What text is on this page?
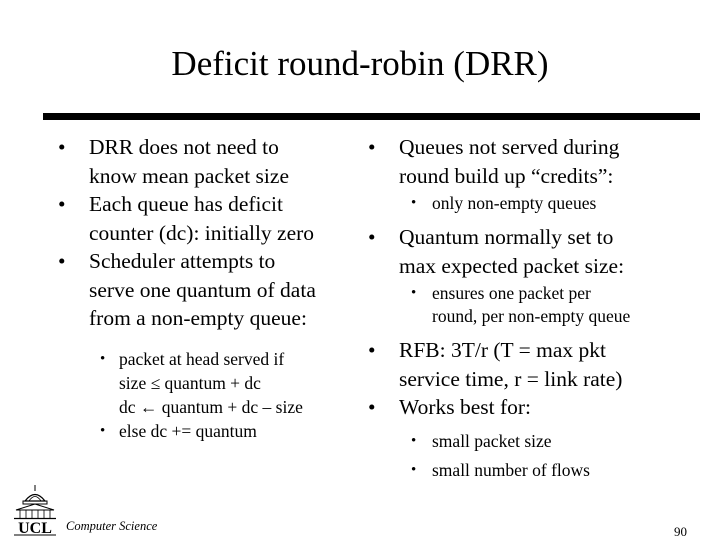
Deficit round-robin (DRR)
• DRR does not need to
know mean packet size
• Each queue has deficit
counter (dc): initially zero
• Scheduler attempts to
serve one quantum of data
from a non-empty queue:
• packet at head served if
size ≤ quantum + dc
dc ← quantum + dc – size
• else dc += quantum
• Queues not served during
round build up “credits”:
• only non-empty queues
• Quantum normally set to
max expected packet size:
• ensures one packet per
round, per non-empty queue
• RFB: 3T/r (T = max pkt
service time, r = link rate)
• Works best for:
• small packet size
• small number of flows
UCL Computer Science	90
